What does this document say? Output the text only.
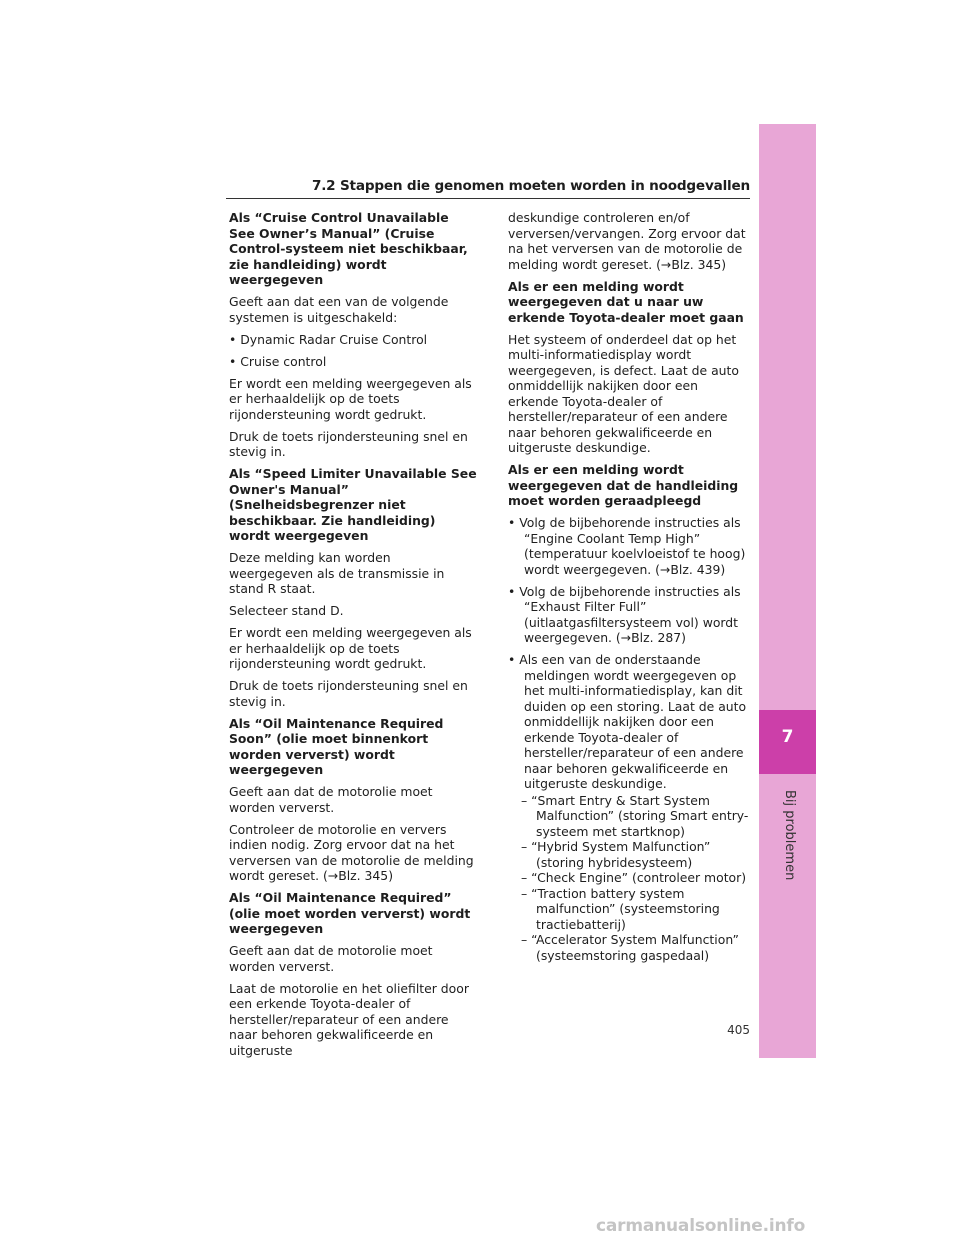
7.2 Stappen die genomen moeten worden in noodgevallen
7
Bij problemen
Als “Cruise Control Unavailable See Owner’s Manual” (Cruise Control-systeem niet beschikbaar, zie handleiding) wordt weergegeven

Geeft aan dat een van de volgende systemen is uitgeschakeld:

• Dynamic Radar Cruise Control

• Cruise control

Er wordt een melding weergegeven als er herhaaldelijk op de toets rijondersteuning wordt gedrukt.

Druk de toets rijondersteuning snel en stevig in.

Als “Speed Limiter Unavailable See Owner's Manual” (Snelheidsbegrenzer niet beschikbaar. Zie handleiding) wordt weergegeven

Deze melding kan worden weergegeven als de transmissie in stand R staat.

Selecteer stand D.

Er wordt een melding weergegeven als er herhaaldelijk op de toets rijondersteuning wordt gedrukt.

Druk de toets rijondersteuning snel en stevig in.

Als “Oil Maintenance Required Soon” (olie moet binnenkort worden ververst) wordt weergegeven

Geeft aan dat de motorolie moet worden ververst.

Controleer de motorolie en ververs indien nodig. Zorg ervoor dat na het verversen van de motorolie de melding wordt gereset. (→Blz. 345)

Als “Oil Maintenance Required” (olie moet worden ververst) wordt weergegeven

Geeft aan dat de motorolie moet worden ververst.

Laat de motorolie en het oliefilter door een erkende Toyota-dealer of hersteller/reparateur of een andere naar behoren gekwalificeerde en uitgeruste

deskundige controleren en/of verversen/vervangen. Zorg ervoor dat na het verversen van de motorolie de melding wordt gereset. (→Blz. 345)

Als er een melding wordt weergegeven dat u naar uw erkende Toyota-dealer moet gaan

Het systeem of onderdeel dat op het multi-informatiedisplay wordt weergegeven, is defect. Laat de auto onmiddellijk nakijken door een erkende Toyota-dealer of hersteller/reparateur of een andere naar behoren gekwalificeerde en uitgeruste deskundige.

Als er een melding wordt weergegeven dat de handleiding moet worden geraadpleegd

• Volg de bijbehorende instructies als “Engine Coolant Temp High” (temperatuur koelvloeistof te hoog) wordt weergegeven. (→Blz. 439)

• Volg de bijbehorende instructies als “Exhaust Filter Full” (uitlaatgasfiltersysteem vol) wordt weergegeven. (→Blz. 287)

• Als een van de onderstaande meldingen wordt weergegeven op het multi-informatiedisplay, kan dit duiden op een storing. Laat de auto onmiddellijk nakijken door een erkende Toyota-dealer of hersteller/reparateur of een andere naar behoren gekwalificeerde en uitgeruste deskundige.

– “Smart Entry & Start System Malfunction” (storing Smart entry-systeem met startknop)

– “Hybrid System Malfunction” (storing hybridesysteem)

– “Check Engine” (controleer motor)

– “Traction battery system malfunction” (systeemstoring tractiebatterij)

– “Accelerator System Malfunction” (systeemstoring gaspedaal)

405
carmanualsonline.info
